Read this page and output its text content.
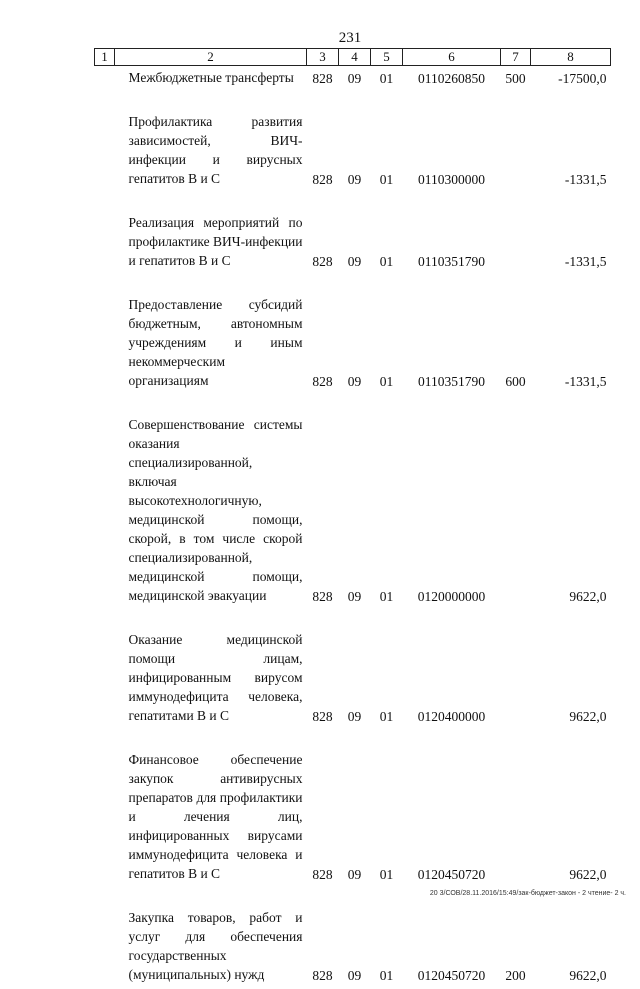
231
1	2	3	4	5	6	7	8
	Межбюджетные трансферты	828	09	01	0110260850	500	-17500,0
	Профилактика развития зависимостей, ВИЧ-инфекции и вирусных гепатитов В и С	828	09	01	0110300000		-1331,5
	Реализация мероприятий по профилактике ВИЧ-инфекции и гепатитов В и С	828	09	01	0110351790		-1331,5
	Предоставление субсидий бюджетным, автономным учреждениям и иным некоммерческим организациям	828	09	01	0110351790	600	-1331,5
	Совершенствование системы оказания специализированной, включая высокотехнологичную, медицинской помощи, скорой, в том числе скорой специализированной, медицинской помощи, медицинской эвакуации	828	09	01	0120000000		9622,0
	Оказание медицинской помощи лицам, инфицированным вирусом иммунодефицита человека, гепатитами В и С	828	09	01	0120400000		9622,0
	Финансовое обеспечение закупок антивирусных препаратов для профилактики и лечения лиц, инфицированных вирусами иммунодефицита человека и гепатитов В и С	828	09	01	0120450720		9622,0
	Закупка товаров, работ и услуг для обеспечения государственных (муниципальных) нужд	828	09	01	0120450720	200	9622,0
20 3/СОВ/28.11.2016/15:49/зак-бюджет-закон - 2 чтение- 2 ч.
